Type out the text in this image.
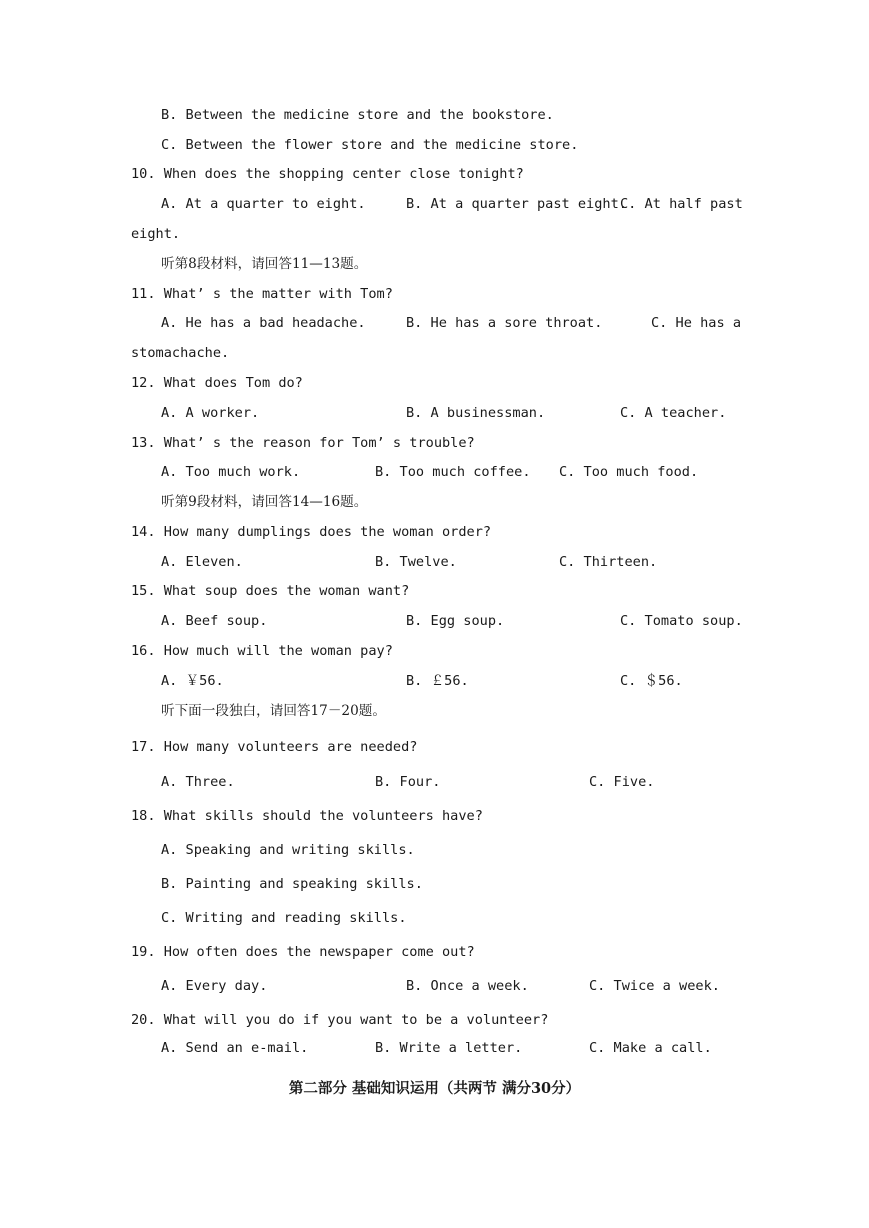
B. Between the medicine store and the bookstore.
C. Between the flower store and the medicine store.
10. When does the shopping center close tonight?
A. At a quarter to eight.	B. At a quarter past eight.
C. At half past
eight.
听第8段材料，请回答11—13题。
11. What’ s the matter with Tom?
A. He has a bad headache.	B. He has a sore throat.	C. He has a
stomachache.
12. What does Tom do?
A. A worker.	B. A businessman.	C. A teacher.
13. What’ s the reason for Tom’ s trouble?
A. Too much work.	B. Too much coffee. C. Too much food.
听第9段材料，请回答14—16题。
14. How many dumplings does the woman order?
A. Eleven.	B. Twelve.	C. Thirteen.
15. What soup does the woman want?
A. Beef soup.	B. Egg soup.	C. Tomato soup.
16. How much will the woman pay?
A. ￥56.	B. ￡56.	C. ＄56.
听下面一段独白，请回答17－20题。
17. How many volunteers are needed?
A. Three.	B. Four.	C. Five.
18. What skills should the volunteers have?
A. Speaking and writing skills.
B. Painting and speaking skills.
C. Writing and reading skills.
19. How often does the newspaper come out?
A. Every day.	B. Once a week.	C. Twice a week.
20. What will you do if you want to be a volunteer?
A. Send an e-mail.	B. Write a letter.	C. Make a call.
第二部分 基础知识运用（共两节 满分30分）
